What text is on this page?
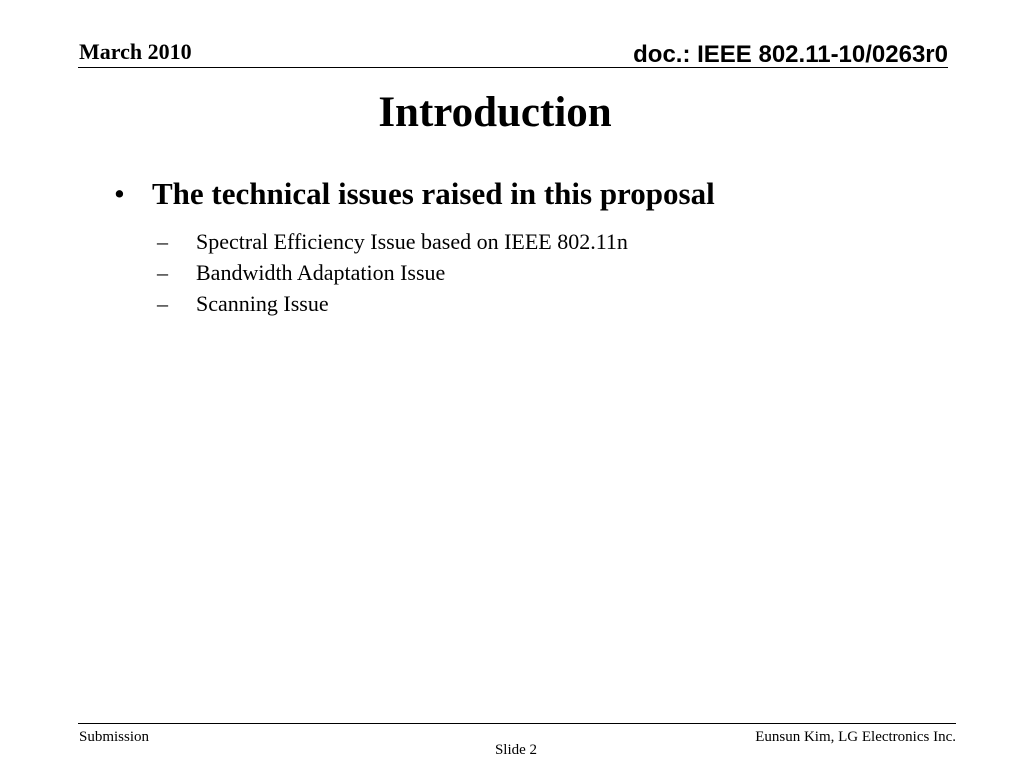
March 2010	doc.: IEEE 802.11-10/0263r0
Introduction
• The technical issues raised in this proposal
–	Spectral Efficiency Issue based on IEEE 802.11n
–	Bandwidth Adaptation Issue
–	Scanning Issue
Submission
Slide 2
Eunsun Kim, LG Electronics Inc.
